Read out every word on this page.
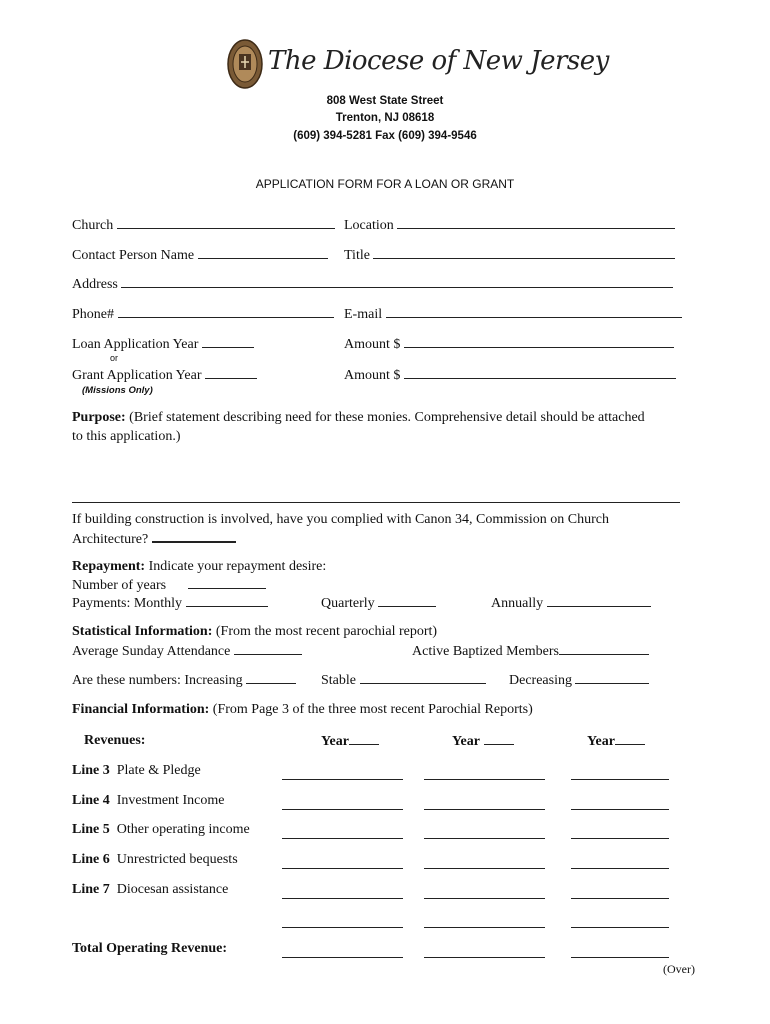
The Diocese of New Jersey
808 West State Street
Trenton, NJ 08618
(609) 394-5281 Fax (609) 394-9546
APPLICATION FORM FOR A LOAN OR GRANT
Church	Location
Contact Person Name	Title
Address
Phone#	E-mail
Loan Application Year	Amount $
or
Grant Application Year	Amount $
(Missions Only)
Purpose: (Brief statement describing need for these monies. Comprehensive detail should be attached
to this application.)
If building construction is involved, have you complied with Canon 34, Commission on Church
Architecture?
Repayment: Indicate your repayment desire:
Number of years
Payments: Monthly	Quarterly	Annually
Statistical Information: (From the most recent parochial report)
Average Sunday Attendance	Active Baptized Members
Are these numbers: Increasing	Stable	Decreasing
Financial Information: (From Page 3 of the three most recent Parochial Reports)
Revenues:	Year	Year	Year
Line 3 Plate & Pledge
Line 4 Investment Income
Line 5 Other operating income
Line 6 Unrestricted bequests
Line 7 Diocesan assistance
Total Operating Revenue:
(Over)
